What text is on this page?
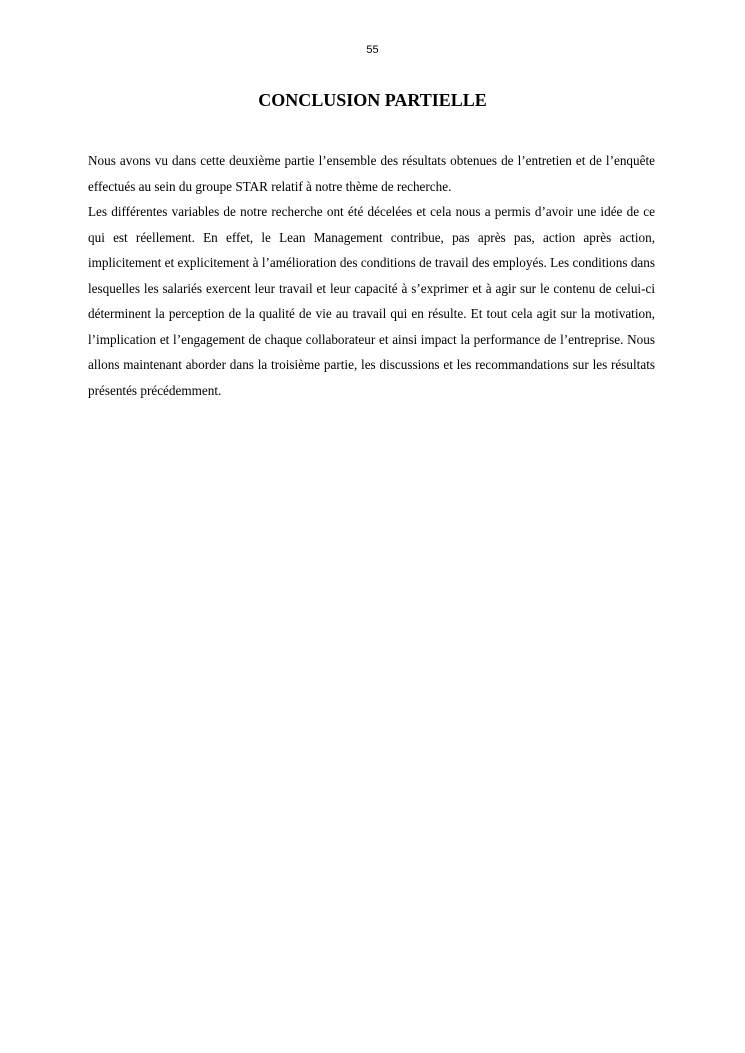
55
CONCLUSION PARTIELLE

Nous avons vu dans cette deuxième partie l’ensemble des résultats obtenues de l’entretien et de l’enquête effectués au sein du groupe STAR relatif à notre thème de recherche.

Les différentes variables de notre recherche ont été décelées et cela nous a permis d’avoir une idée de ce qui est réellement. En effet, le Lean Management contribue, pas après pas, action après action, implicitement et explicitement à l’amélioration des conditions de travail des employés. Les conditions dans lesquelles les salariés exercent leur travail et leur capacité à s’exprimer et à agir sur le contenu de celui-ci déterminent la perception de la qualité de vie au travail qui en résulte. Et tout cela agit sur la motivation, l’implication et l’engagement de chaque collaborateur et ainsi impact la performance de l’entreprise. Nous allons maintenant aborder dans la troisième partie, les discussions et les recommandations sur les résultats présentés précédemment.
